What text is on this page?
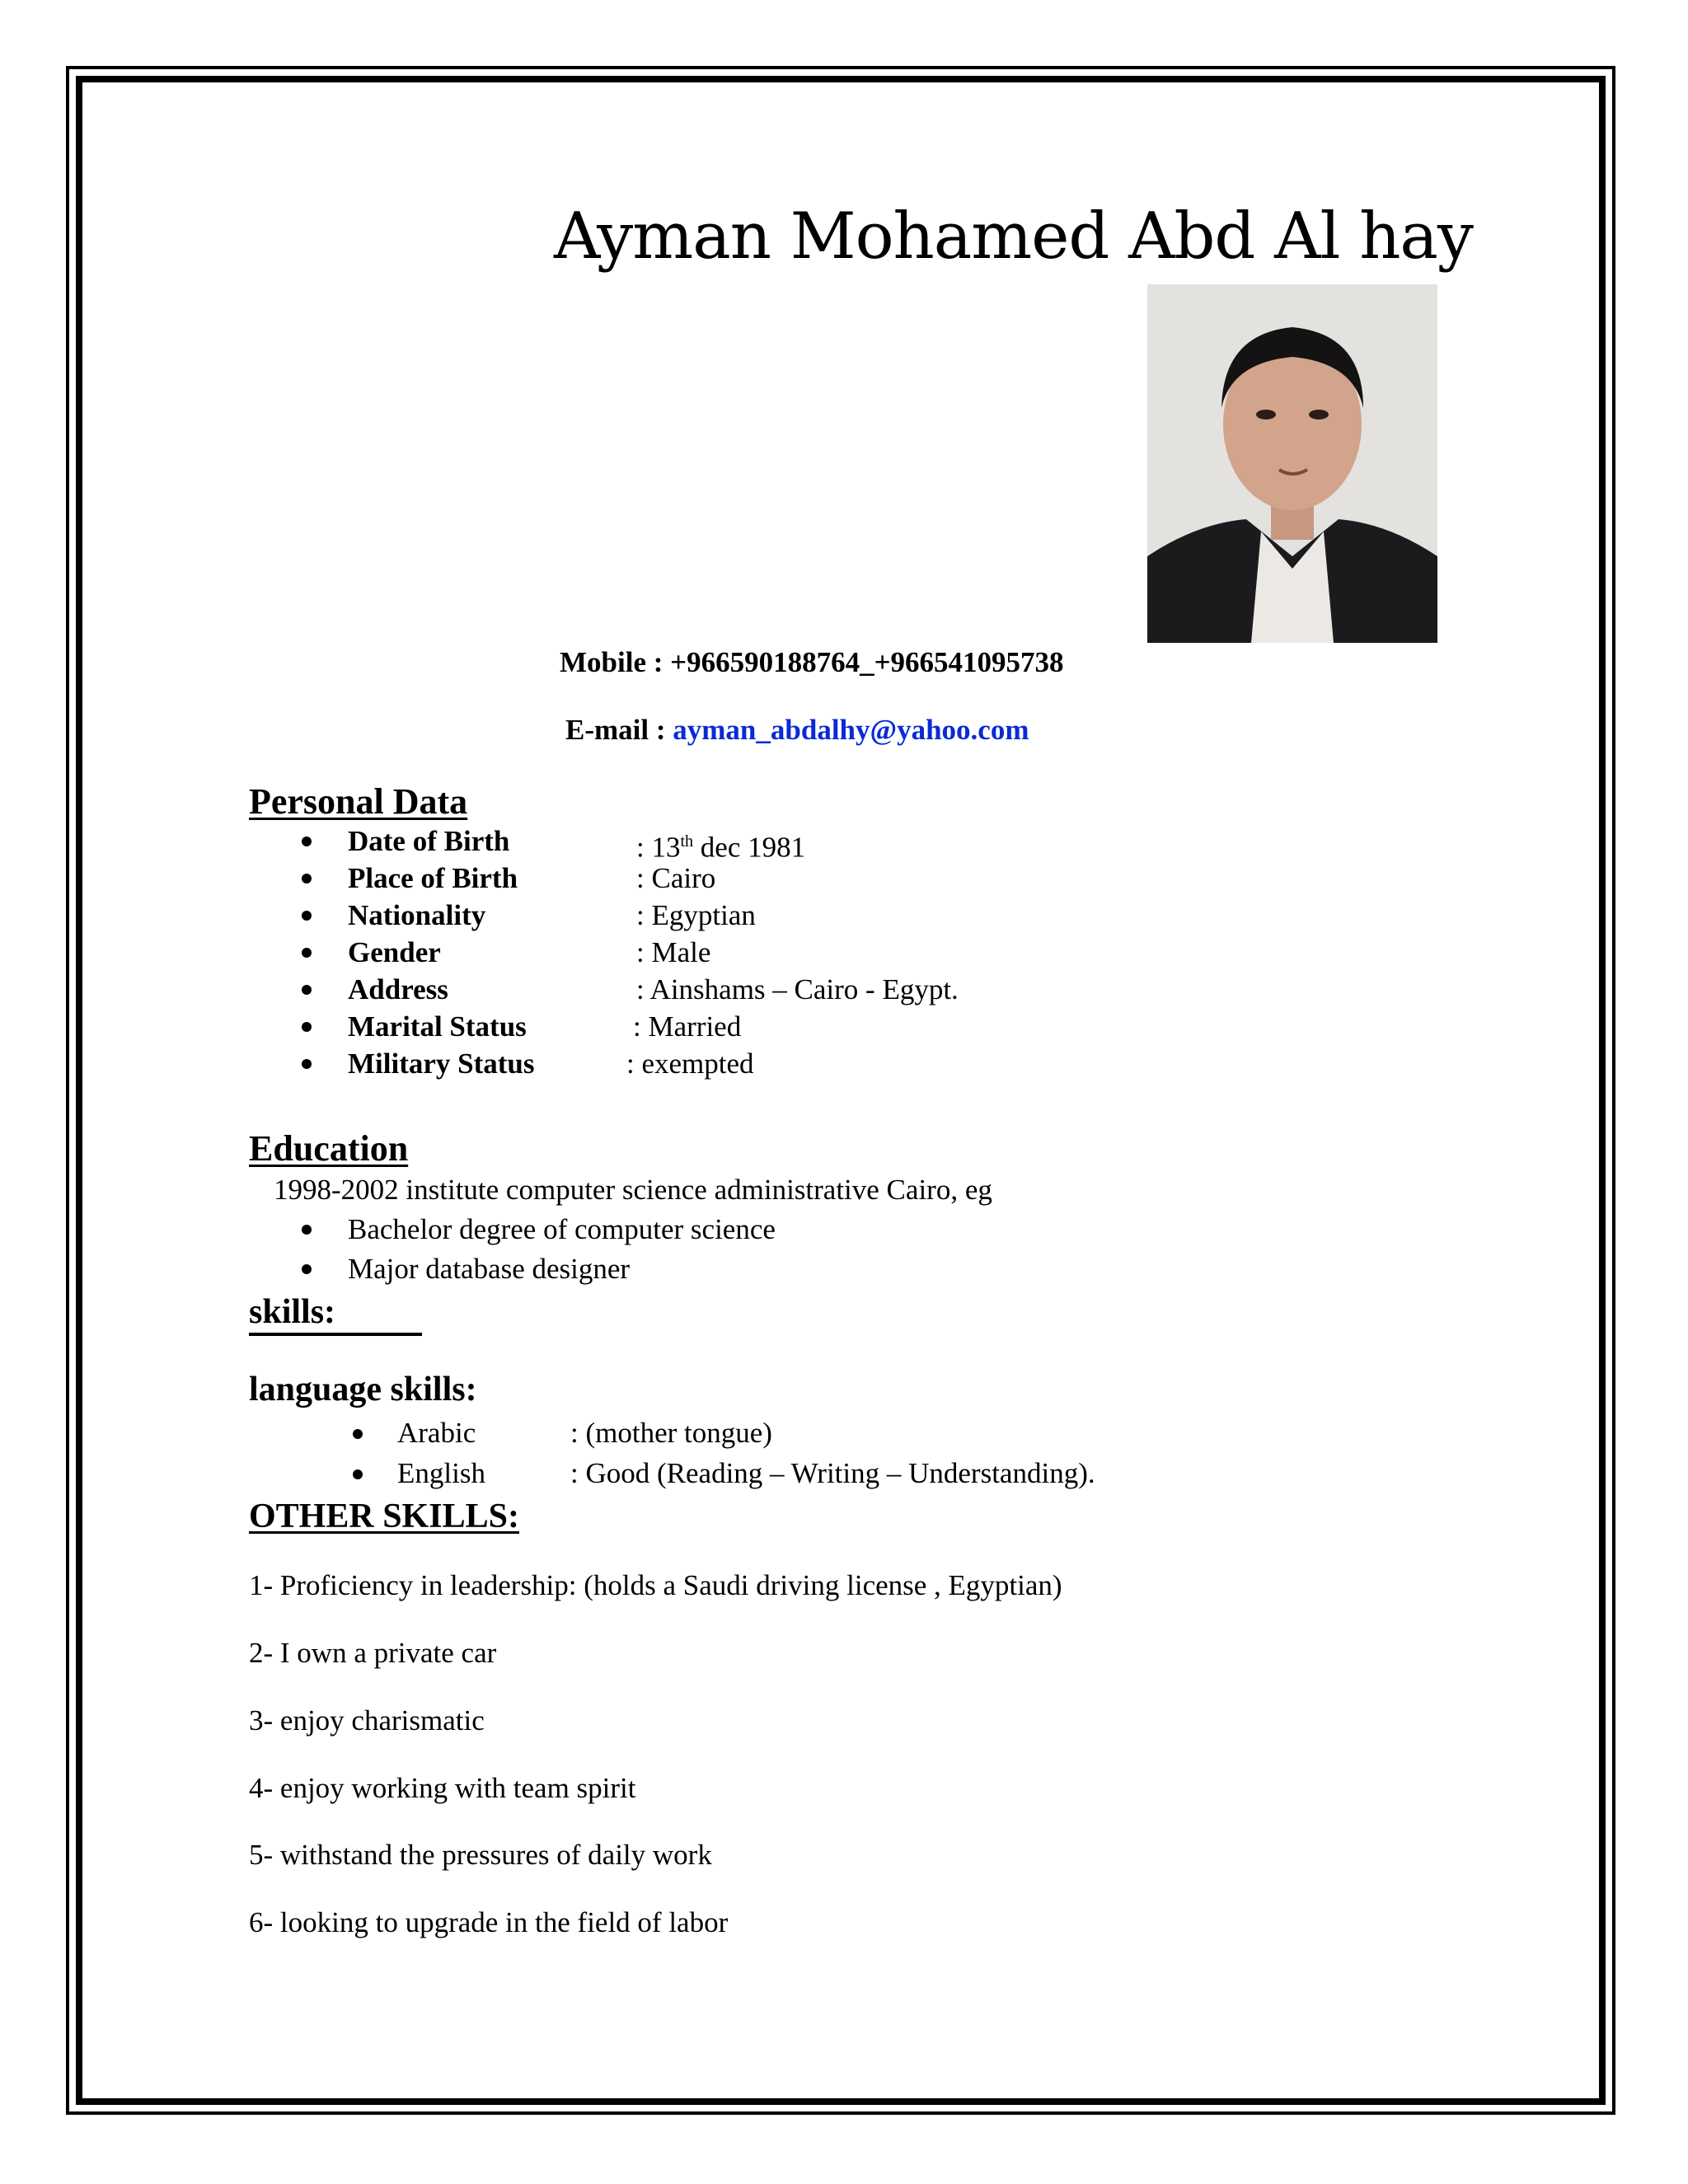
Ayman Mohamed Abd Al hay
Mobile : +966590188764_+966541095738
E-mail : ayman_abdalhy@yahoo.com
Personal Data
Date of Birth	: 13th dec 1981
Place of Birth	: Cairo
Nationality	: Egyptian
Gender	: Male
Address	: Ainshams – Cairo - Egypt.
Marital Status	: Married
Military Status	: exempted
Education
1998-2002 institute computer science administrative Cairo, eg
Bachelor degree of computer science
Major database designer
skills:
language skills:
Arabic	: (mother tongue)
English	: Good (Reading – Writing – Understanding).
OTHER SKILLS:
1- Proficiency in leadership: (holds a Saudi driving license , Egyptian)
2- I own a private car
3- enjoy charismatic
4- enjoy working with team spirit
5- withstand the pressures of daily work
6- looking to upgrade in the field of labor
